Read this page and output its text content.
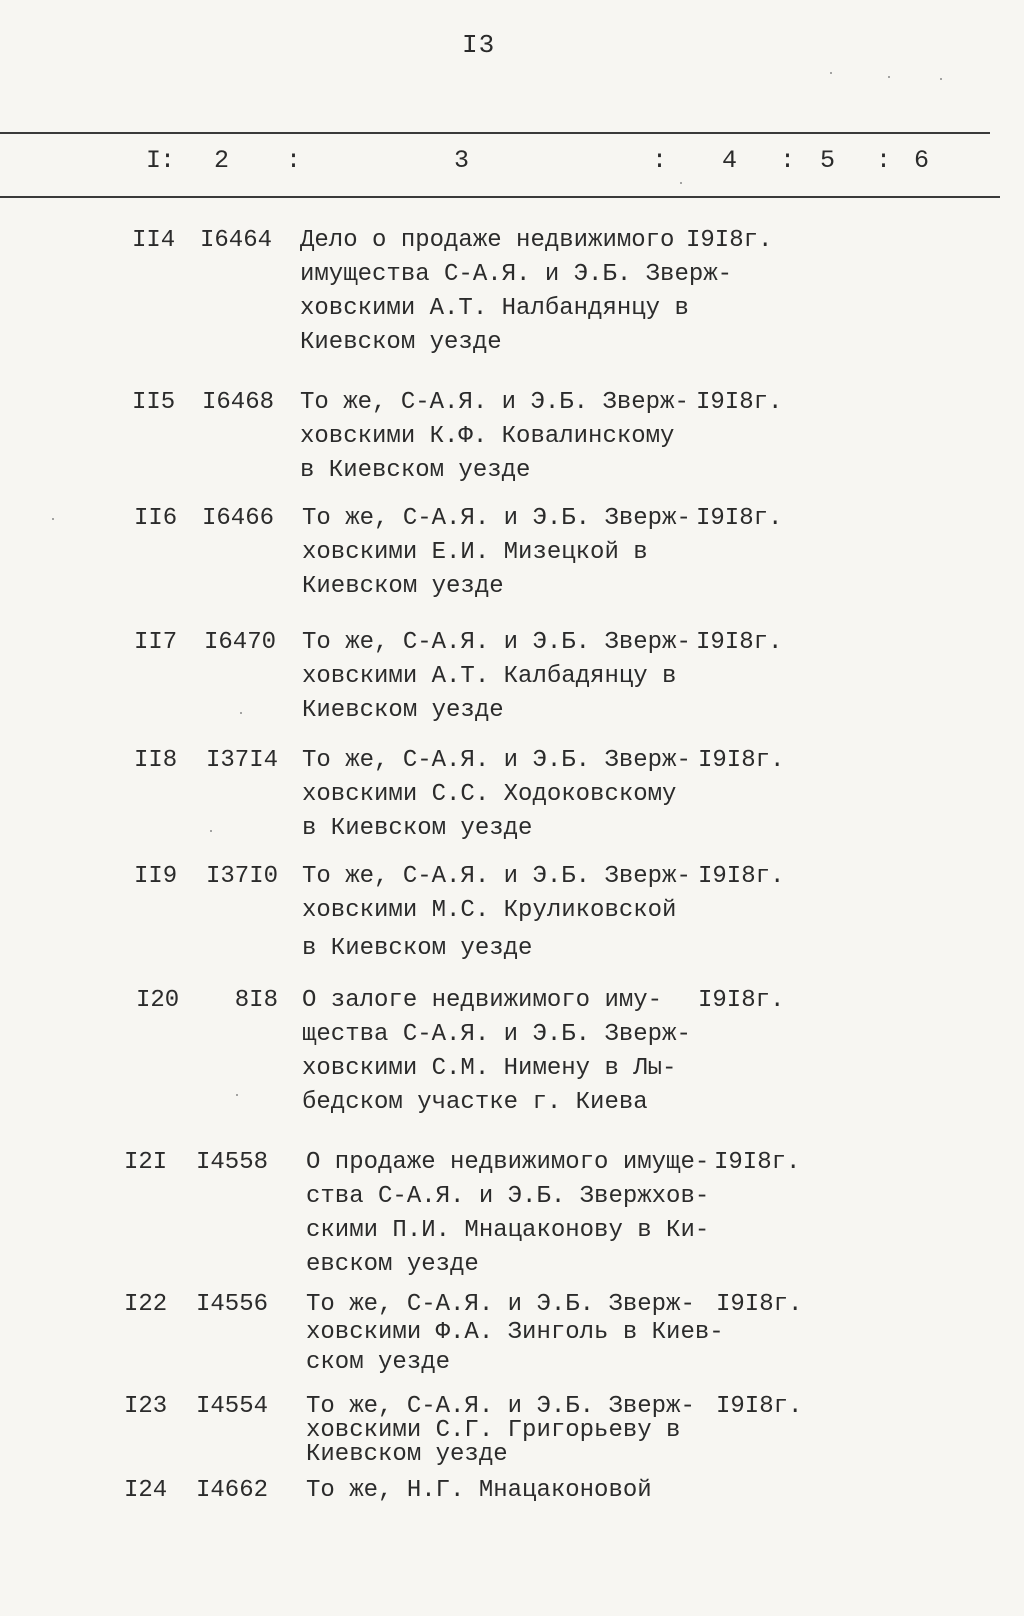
I3
I
: 2 :	3	: 4 : 5 : 6
II4	I6464 Дело о продаже недвижимого
имущества С-А.Я. и Э.Б. Зверж-
ховскими А.Т. Налбандянцу в
Киевском уезде
I9I8г.
II5	I6468 То же, С-А.Я. и Э.Б. Зверж-
ховскими К.Ф. Ковалинскому
в Киевском уезде
I9I8г.
II6	I6466 То же, С-А.Я. и Э.Б. Зверж-
ховскими Е.И. Мизецкой в
Киевском уезде
I9I8г.
II7	I6470 То же, С-А.Я. и Э.Б. Зверж-
ховскими А.Т. Калбадянцу в
Киевском уезде
I9I8г.
II8	I37I4 То же, С-А.Я. и Э.Б. Зверж-
ховскими С.С. Ходоковскому
в Киевском уезде
I9I8г.
II9	I37I0 То же, С-А.Я. и Э.Б. Зверж-
ховскими М.С. Круликовской
в Киевском уезде
I9I8г.
I20	8I8 О залоге недвижимого иму-
щества С-А.Я. и Э.Б. Зверж-
ховскими С.М. Нимену в Лы-
бедском участке г. Киева
I9I8г.
I2I	I4558 О продаже недвижимого имуще-
ства С-А.Я. и Э.Б. Звержхов-
скими П.И. Мнацаконову в Ки-
евском уезде
I9I8г.
I22	I4556 То же, С-А.Я. и Э.Б. Зверж-
ховскими Ф.А. Зинголь в Киев-
ском уезде
I9I8г.
I23	I4554 То же, С-А.Я. и Э.Б. Зверж-
ховскими С.Г. Григорьеву в
Киевском уезде
I9I8г.
I24	I4662 То же, Н.Г. Мнацаконовой
